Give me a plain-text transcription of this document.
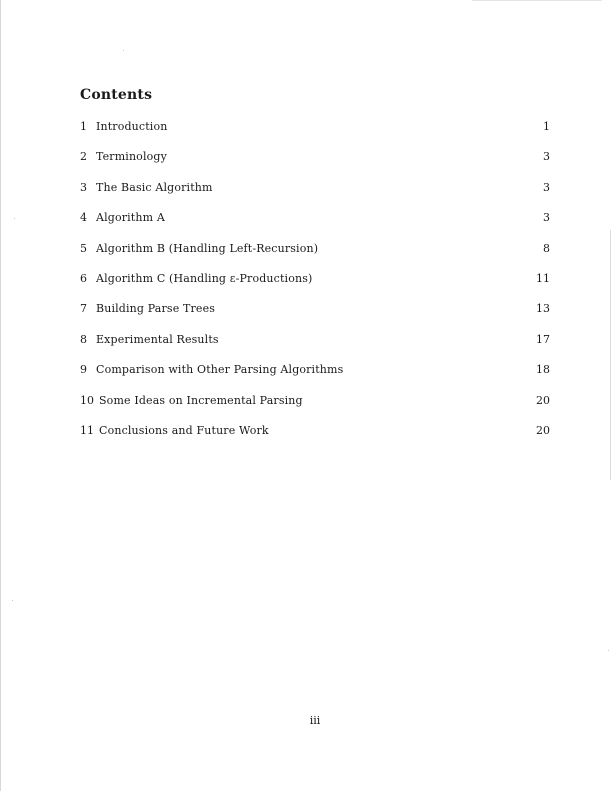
Contents
1 Introduction	1
2 Terminology	3
3 The Basic Algorithm	3
4 Algorithm A	3
5 Algorithm B (Handling Left-Recursion)	8
6 Algorithm C (Handling ε-Productions)	11
7 Building Parse Trees	13
8 Experimental Results	17
9 Comparison with Other Parsing Algorithms	18
10 Some Ideas on Incremental Parsing	20
11 Conclusions and Future Work	20
iii
